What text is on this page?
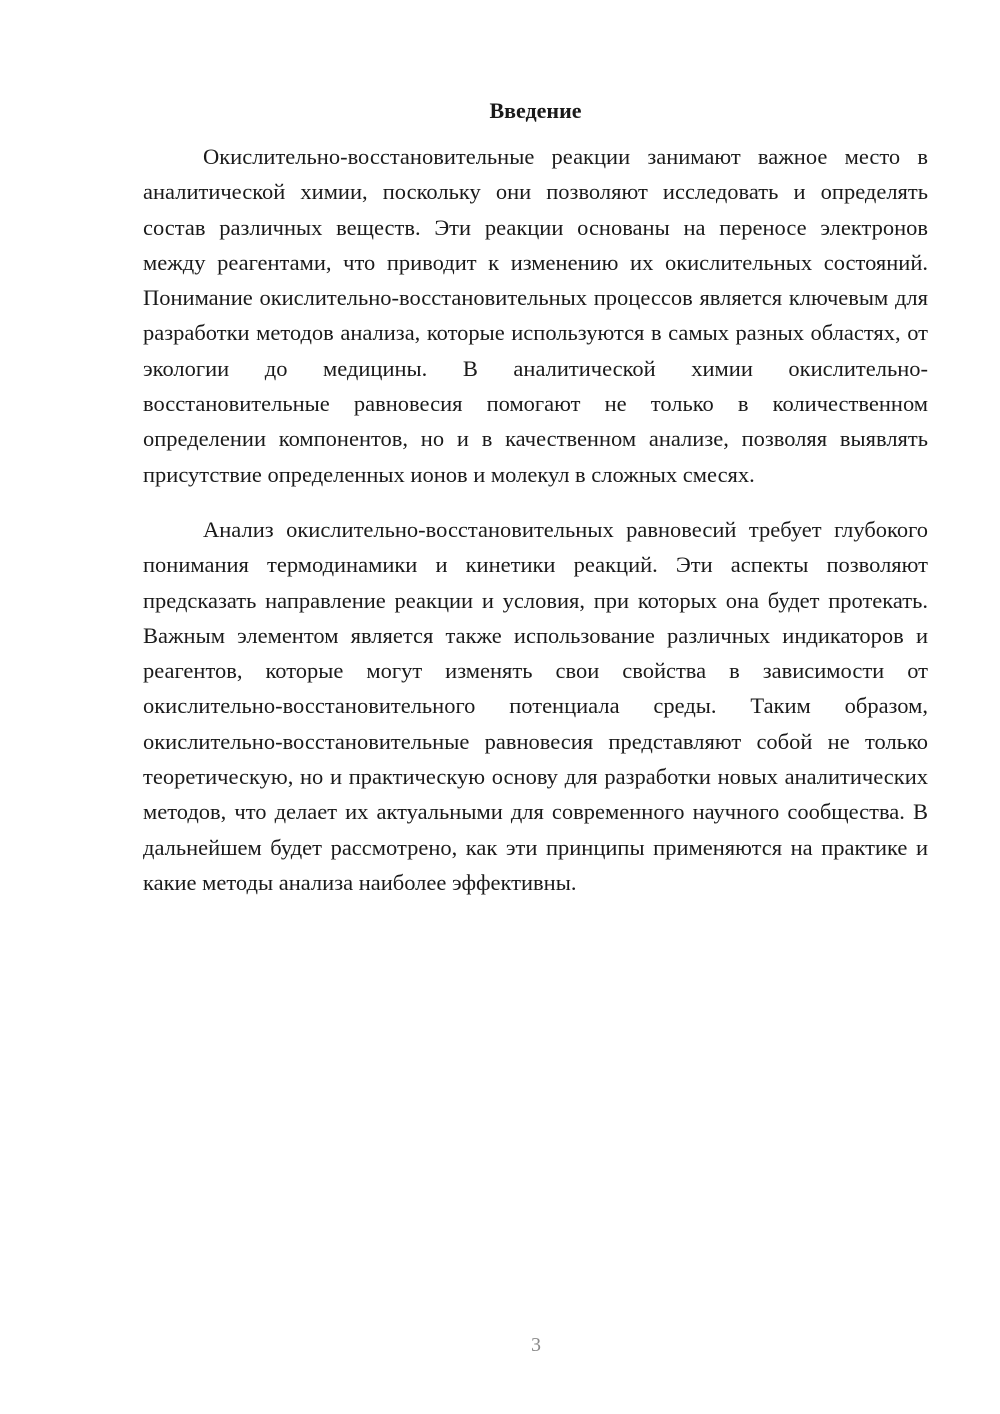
Введение

Окислительно-восстановительные реакции занимают важное место в аналитической химии, поскольку они позволяют исследовать и определять состав различных веществ. Эти реакции основаны на переносе электронов между реагентами, что приводит к изменению их окислительных состояний. Понимание окислительно-восстановительных процессов является ключевым для разработки методов анализа, которые используются в самых разных областях, от экологии до медицины. В аналитической химии окислительно-восстановительные равновесия помогают не только в количественном определении компонентов, но и в качественном анализе, позволяя выявлять присутствие определенных ионов и молекул в сложных смесях.

Анализ окислительно-восстановительных равновесий требует глубокого понимания термодинамики и кинетики реакций. Эти аспекты позволяют предсказать направление реакции и условия, при которых она будет протекать. Важным элементом является также использование различных индикаторов и реагентов, которые могут изменять свои свойства в зависимости от окислительно-восстановительного потенциала среды. Таким образом, окислительно-восстановительные равновесия представляют собой не только теоретическую, но и практическую основу для разработки новых аналитических методов, что делает их актуальными для современного научного сообщества. В дальнейшем будет рассмотрено, как эти принципы применяются на практике и какие методы анализа наиболее эффективны.

3
